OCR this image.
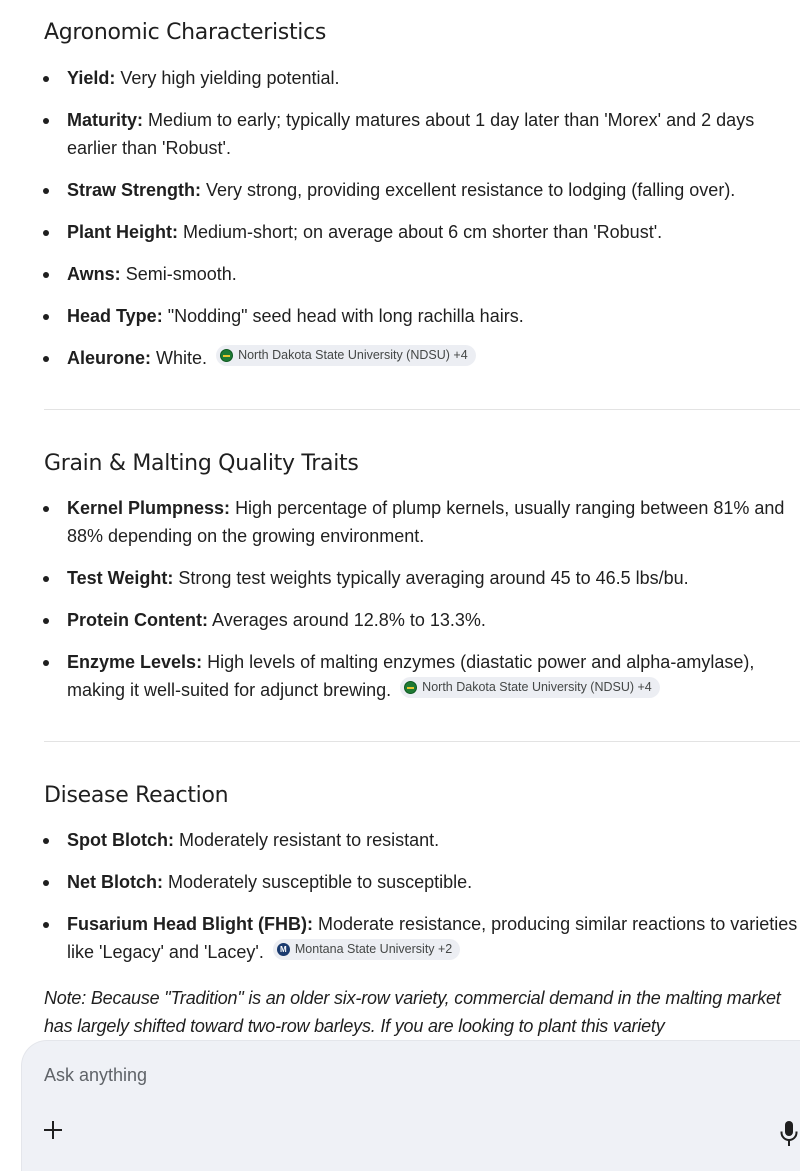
Agronomic Characteristics
Yield: Very high yielding potential.
Maturity: Medium to early; typically matures about 1 day later than 'Morex' and 2 days earlier than 'Robust'.
Straw Strength: Very strong, providing excellent resistance to lodging (falling over).
Plant Height: Medium-short; on average about 6 cm shorter than 'Robust'.
Awns: Semi-smooth.
Head Type: "Nodding" seed head with long rachilla hairs.
Aleurone: White. North Dakota State University (NDSU) +4
Grain & Malting Quality Traits
Kernel Plumpness: High percentage of plump kernels, usually ranging between 81% and 88% depending on the growing environment.
Test Weight: Strong test weights typically averaging around 45 to 46.5 lbs/bu.
Protein Content: Averages around 12.8% to 13.3%.
Enzyme Levels: High levels of malting enzymes (diastatic power and alpha-amylase), making it well-suited for adjunct brewing. North Dakota State University (NDSU) +4
Disease Reaction
Spot Blotch: Moderately resistant to resistant.
Net Blotch: Moderately susceptible to susceptible.
Fusarium Head Blight (FHB): Moderate resistance, producing similar reactions to varieties like 'Legacy' and 'Lacey'. M Montana State University +2

Note: Because "Tradition" is an older six-row variety, commercial demand in the malting market has largely shifted toward two-row barleys. If you are looking to plant this variety

Ask anything
